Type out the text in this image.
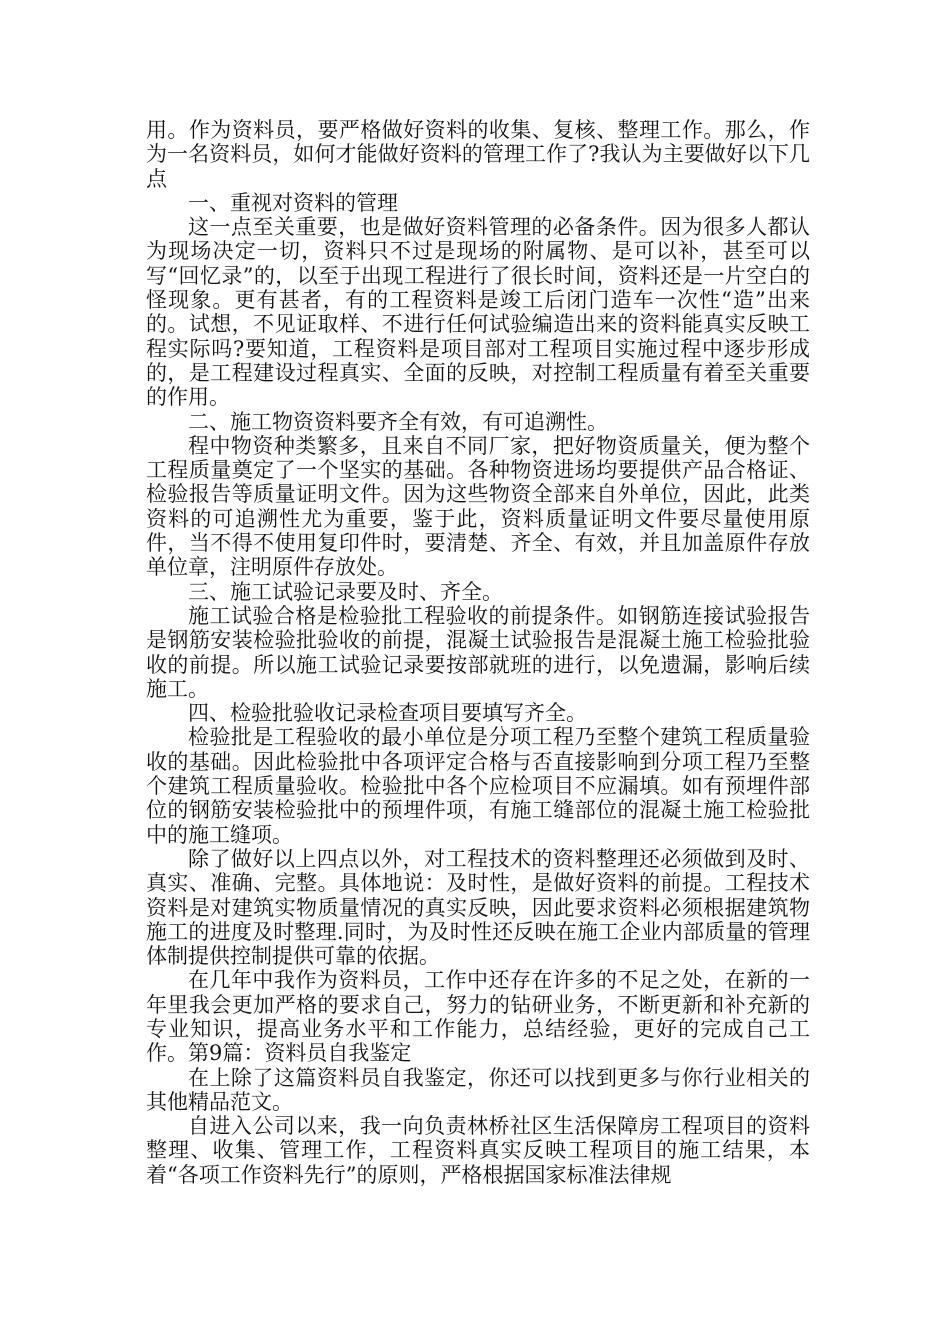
用。作为资料员，要严格做好资料的收集、复核、整理工作。那么，作为一名资料员，如何才能做好资料的管理工作了?我认为主要做好以下几点

一、重视对资料的管理

这一点至关重要，也是做好资料管理的必备条件。因为很多人都认为现场决定一切，资料只不过是现场的附属物、是可以补，甚至可以写“回忆录”的，以至于出现工程进行了很长时间，资料还是一片空白的怪现象。更有甚者，有的工程资料是竣工后闭门造车一次性“造”出来的。试想，不见证取样、不进行任何试验编造出来的资料能真实反映工程实际吗?要知道，工程资料是项目部对工程项目实施过程中逐步形成的，是工程建设过程真实、全面的反映，对控制工程质量有着至关重要的作用。

二、施工物资资料要齐全有效，有可追溯性。

程中物资种类繁多，且来自不同厂家，把好物资质量关，便为整个工程质量奠定了一个坚实的基础。各种物资进场均要提供产品合格证、检验报告等质量证明文件。因为这些物资全部来自外单位，因此，此类资料的可追溯性尤为重要，鉴于此，资料质量证明文件要尽量使用原件，当不得不使用复印件时，要清楚、齐全、有效，并且加盖原件存放单位章，注明原件存放处。

三、施工试验记录要及时、齐全。

施工试验合格是检验批工程验收的前提条件。如钢筋连接试验报告是钢筋安装检验批验收的前提，混凝土试验报告是混凝土施工检验批验收的前提。所以施工试验记录要按部就班的进行，以免遗漏，影响后续施工。

四、检验批验收记录检查项目要填写齐全。

检验批是工程验收的最小单位是分项工程乃至整个建筑工程质量验收的基础。因此检验批中各项评定合格与否直接影响到分项工程乃至整个建筑工程质量验收。检验批中各个应检项目不应漏填。如有预埋件部位的钢筋安装检验批中的预埋件项，有施工缝部位的混凝土施工检验批中的施工缝项。

除了做好以上四点以外，对工程技术的资料整理还必须做到及时、真实、准确、完整。具体地说：及时性，是做好资料的前提。工程技术资料是对建筑实物质量情况的真实反映，因此要求资料必须根据建筑物施工的进度及时整理.同时，为及时性还反映在施工企业内部质量的管理体制提供控制提供可靠的依据。

在几年中我作为资料员，工作中还存在许多的不足之处，在新的一年里我会更加严格的要求自己，努力的钻研业务，不断更新和补充新的专业知识，提高业务水平和工作能力，总结经验，更好的完成自己工作。第9篇：资料员自我鉴定

在上除了这篇资料员自我鉴定，你还可以找到更多与你行业相关的其他精品范文。

自进入公司以来，我一向负责林桥社区生活保障房工程项目的资料整理、收集、管理工作，工程资料真实反映工程项目的施工结果，本着“各项工作资料先行”的原则，严格根据国家标准法律规
